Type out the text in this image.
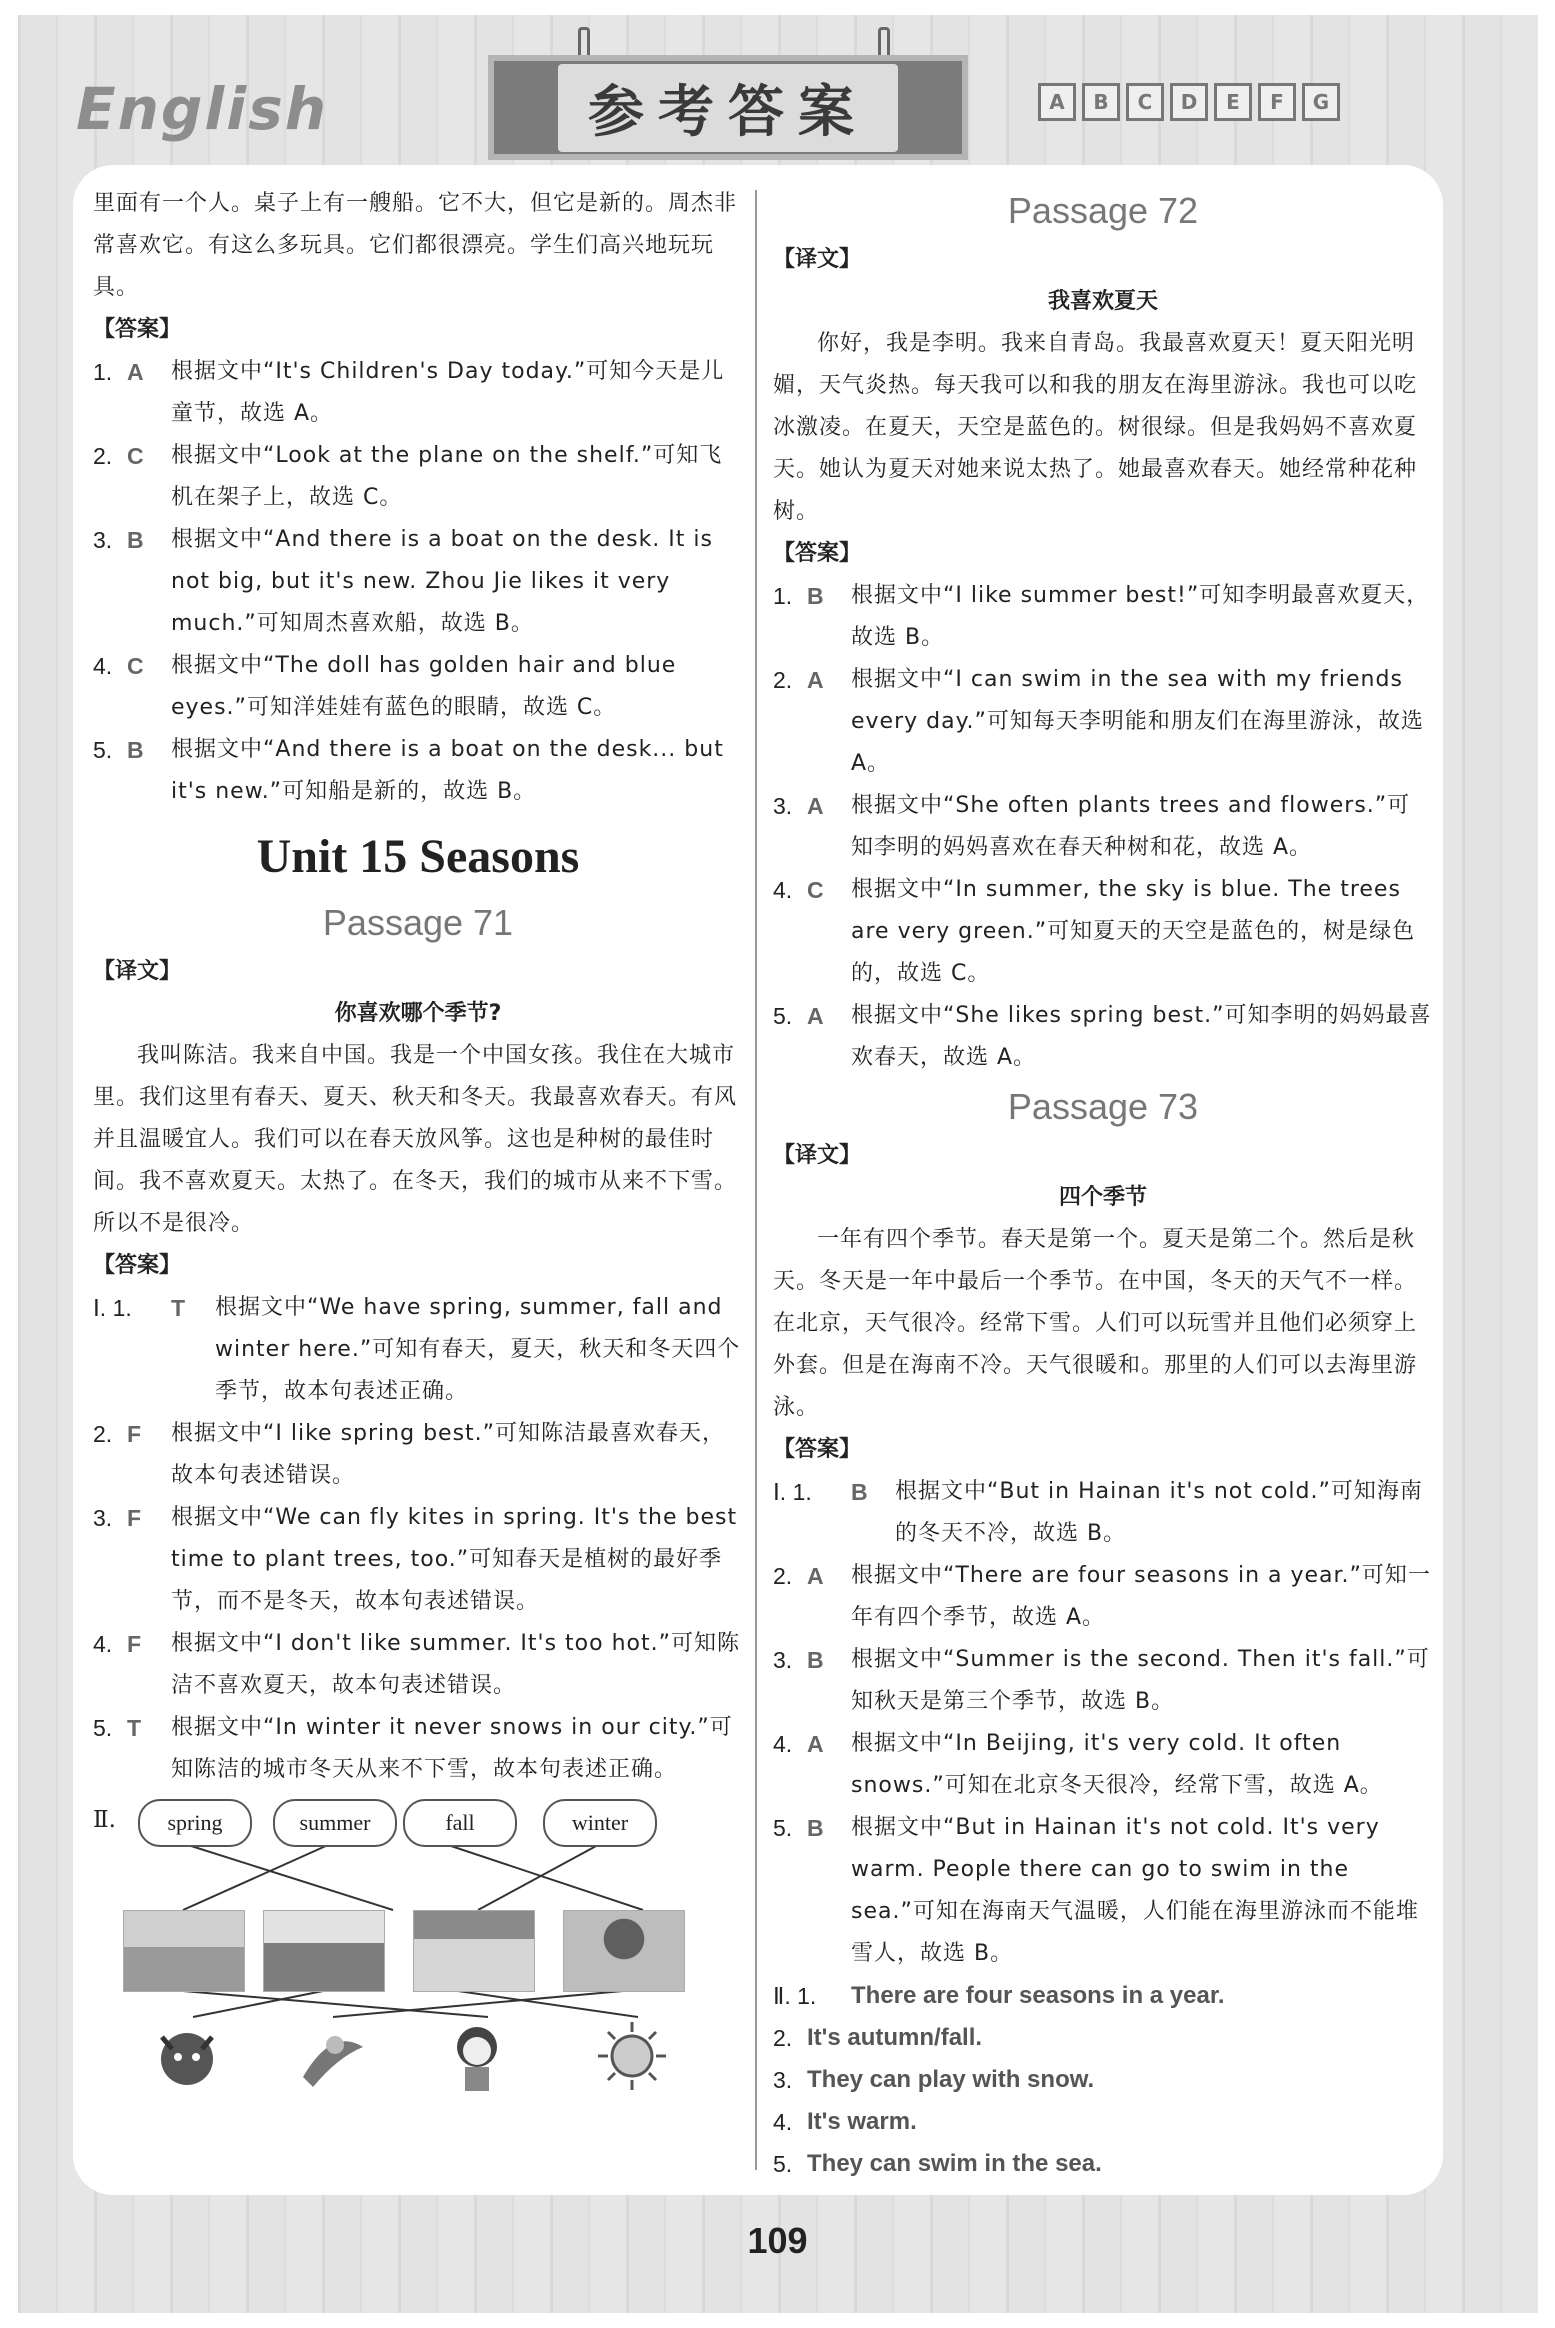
English	参考答案	A	B	C	D	E	F	G

里面有一个人。桌子上有一艘船。它不大，但它是新的。周杰非常喜欢它。有这么多玩具。它们都很漂亮。学生们高兴地玩玩具。

【答案】

1. A	根据文中“It's Children's Day today.”可知今天是儿童节，故选 A。
2. C	根据文中“Look at the plane on the shelf.”可知飞机在架子上，故选 C。
3. B	根据文中“And there is a boat on the desk. It is not big, but it's new. Zhou Jie likes it very much.”可知周杰喜欢船，故选 B。
4. C	根据文中“The doll has golden hair and blue eyes.”可知洋娃娃有蓝色的眼睛，故选 C。
5. B	根据文中“And there is a boat on the desk... but it's new.”可知船是新的，故选 B。

Unit 15 Seasons

Passage 71

【译文】

你喜欢哪个季节?

我叫陈洁。我来自中国。我是一个中国女孩。我住在大城市里。我们这里有春天、夏天、秋天和冬天。我最喜欢春天。有风并且温暖宜人。我们可以在春天放风筝。这也是种树的最佳时间。我不喜欢夏天。太热了。在冬天，我们的城市从来不下雪。所以不是很冷。

【答案】

Ⅰ. 1.	T	根据文中“We have spring, summer, fall and winter here.”可知有春天，夏天，秋天和冬天四个季节，故本句表述正确。
2. F	根据文中“I like spring best.”可知陈洁最喜欢春天，故本句表述错误。
3. F	根据文中“We can fly kites in spring. It's the best time to plant trees, too.”可知春天是植树的最好季节，而不是冬天，故本句表述错误。
4. F	根据文中“I don't like summer. It's too hot.”可知陈洁不喜欢夏天，故本句表述错误。
5. T	根据文中“In winter it never snows in our city.”可知陈洁的城市冬天从来不下雪，故本句表述正确。
Ⅱ.	spring	summer	fall	winter

Passage 72

【译文】

我喜欢夏天

你好，我是李明。我来自青岛。我最喜欢夏天！夏天阳光明媚，天气炎热。每天我可以和我的朋友在海里游泳。我也可以吃冰激凌。在夏天，天空是蓝色的。树很绿。但是我妈妈不喜欢夏天。她认为夏天对她来说太热了。她最喜欢春天。她经常种花种树。

【答案】

1. B	根据文中“I like summer best!”可知李明最喜欢夏天，故选 B。
2. A	根据文中“I can swim in the sea with my friends every day.”可知每天李明能和朋友们在海里游泳，故选 A。
3. A	根据文中“She often plants trees and flowers.”可知李明的妈妈喜欢在春天种树和花，故选 A。
4. C	根据文中“In summer, the sky is blue. The trees are very green.”可知夏天的天空是蓝色的，树是绿色的，故选 C。
5. A	根据文中“She likes spring best.”可知李明的妈妈最喜欢春天，故选 A。

Passage 73

【译文】

四个季节

一年有四个季节。春天是第一个。夏天是第二个。然后是秋天。冬天是一年中最后一个季节。在中国，冬天的天气不一样。在北京，天气很冷。经常下雪。人们可以玩雪并且他们必须穿上外套。但是在海南不冷。天气很暖和。那里的人们可以去海里游泳。

【答案】

Ⅰ. 1.	B	根据文中“But in Hainan it's not cold.”可知海南的冬天不冷，故选 B。
2. A	根据文中“There are four seasons in a year.”可知一年有四个季节，故选 A。
3. B	根据文中“Summer is the second. Then it's fall.”可知秋天是第三个季节，故选 B。
4. A	根据文中“In Beijing, it's very cold. It often snows.”可知在北京冬天很冷，经常下雪，故选 A。
5. B	根据文中“But in Hainan it's not cold. It's very warm. People there can go to swim in the sea.”可知在海南天气温暖，人们能在海里游泳而不能堆雪人，故选 B。
Ⅱ. 1.	There are four seasons in a year.
2. It's autumn/fall.
3. They can play with snow.
4. It's warm.
5. They can swim in the sea.
109
